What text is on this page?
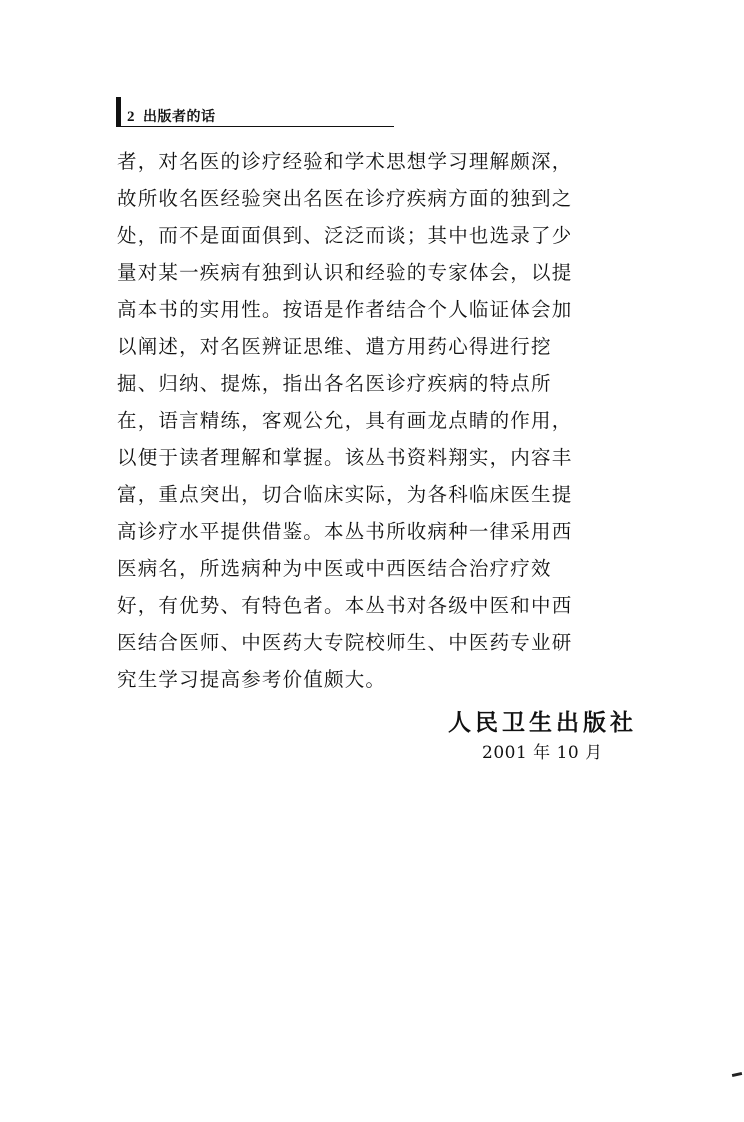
2 出版者的话
者，对名医的诊疗经验和学术思想学习理解颇深，
故所收名医经验突出名医在诊疗疾病方面的独到之
处，而不是面面俱到、泛泛而谈；其中也选录了少
量对某一疾病有独到认识和经验的专家体会，以提
高本书的实用性。按语是作者结合个人临证体会加
以阐述，对名医辨证思维、遣方用药心得进行挖
掘、归纳、提炼，指出各名医诊疗疾病的特点所
在，语言精练，客观公允，具有画龙点睛的作用，
以便于读者理解和掌握。该丛书资料翔实，内容丰
富，重点突出，切合临床实际，为各科临床医生提
高诊疗水平提供借鉴。本丛书所收病种一律采用西
医病名，所选病种为中医或中西医结合治疗疗效
好，有优势、有特色者。本丛书对各级中医和中西
医结合医师、中医药大专院校师生、中医药专业研
究生学习提高参考价值颇大。
人民卫生出版社
2001 年 10 月
